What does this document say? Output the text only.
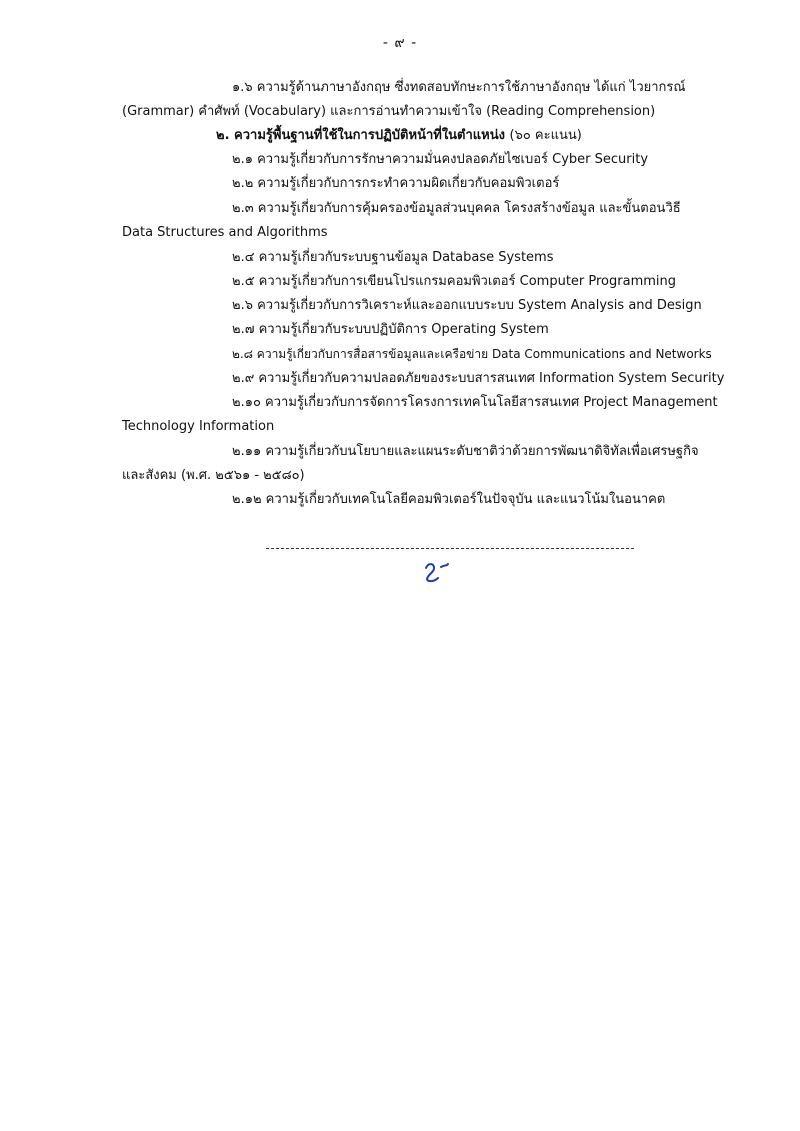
- ๙ -
๑.๖ ความรู้ด้านภาษาอังกฤษ ซึ่งทดสอบทักษะการใช้ภาษาอังกฤษ ได้แก่ ไวยากรณ์
(Grammar) คำศัพท์ (Vocabulary) และการอ่านทำความเข้าใจ (Reading Comprehension)
๒. ความรู้พื้นฐานที่ใช้ในการปฏิบัติหน้าที่ในตำแหน่ง (๖๐ คะแนน)
๒.๑ ความรู้เกี่ยวกับการรักษาความมั่นคงปลอดภัยไซเบอร์ Cyber Security
๒.๒ ความรู้เกี่ยวกับการกระทำความผิดเกี่ยวกับคอมพิวเตอร์
๒.๓ ความรู้เกี่ยวกับการคุ้มครองข้อมูลส่วนบุคคล โครงสร้างข้อมูล และขั้นตอนวิธี
Data Structures and Algorithms
๒.๔ ความรู้เกี่ยวกับระบบฐานข้อมูล Database Systems
๒.๕ ความรู้เกี่ยวกับการเขียนโปรแกรมคอมพิวเตอร์ Computer Programming
๒.๖ ความรู้เกี่ยวกับการวิเคราะห์และออกแบบระบบ System Analysis and Design
๒.๗ ความรู้เกี่ยวกับระบบปฏิบัติการ Operating System
๒.๘ ความรู้เกี่ยวกับการสื่อสารข้อมูลและเครือข่าย Data Communications and Networks
๒.๙ ความรู้เกี่ยวกับความปลอดภัยของระบบสารสนเทศ Information System Security
๒.๑๐ ความรู้เกี่ยวกับการจัดการโครงการเทคโนโลยีสารสนเทศ Project Management
Technology Information
๒.๑๑ ความรู้เกี่ยวกับนโยบายและแผนระดับชาติว่าด้วยการพัฒนาดิจิทัลเพื่อเศรษฐกิจ
และสังคม (พ.ศ. ๒๕๖๑ - ๒๕๘๐)
๒.๑๒ ความรู้เกี่ยวกับเทคโนโลยีคอมพิวเตอร์ในปัจจุบัน และแนวโน้มในอนาคต
